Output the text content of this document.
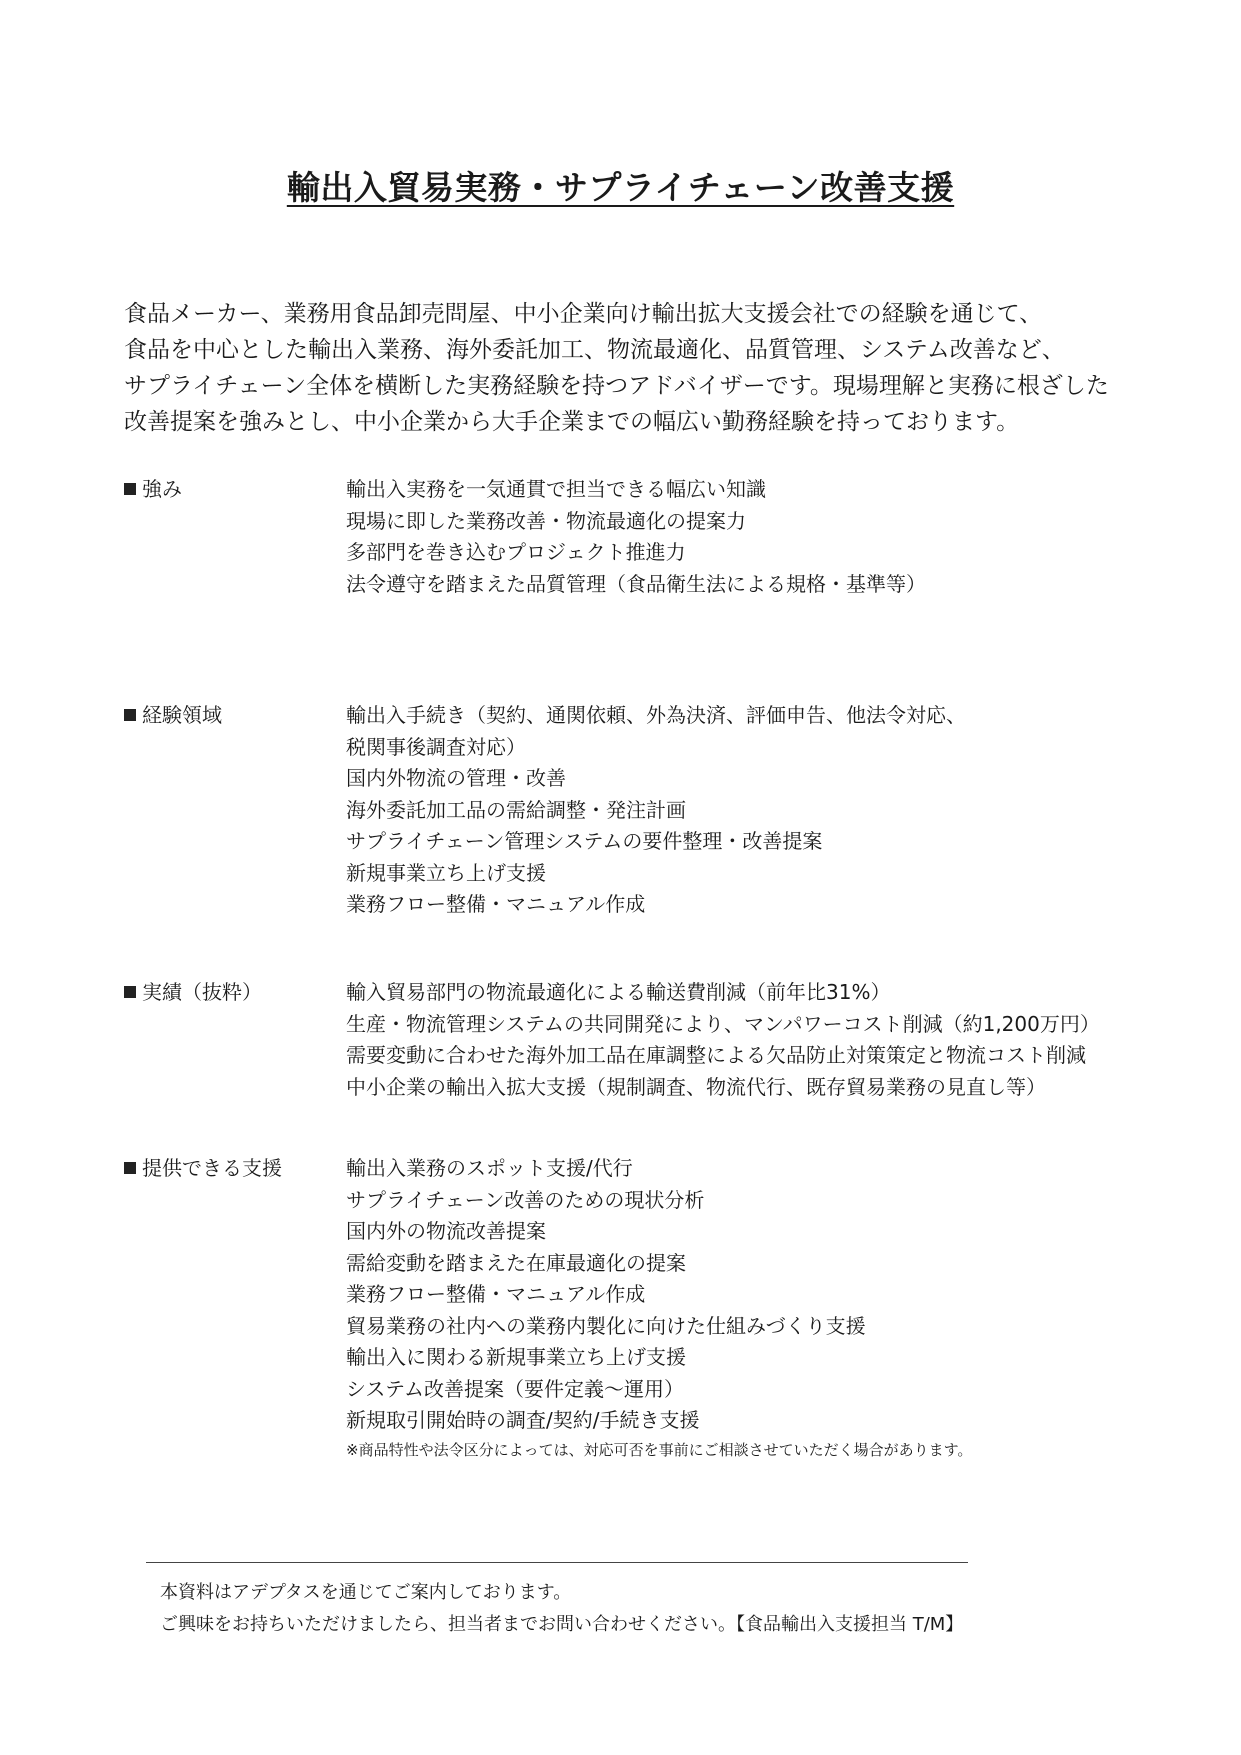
輸出入貿易実務・サプライチェーン改善支援

食品メーカー、業務用食品卸売問屋、中小企業向け輸出拡大支援会社での経験を通じて、

食品を中心とした輸出入業務、海外委託加工、物流最適化、品質管理、システム改善など、

サプライチェーン全体を横断した実務経験を持つアドバイザーです。現場理解と実務に根ざした

改善提案を強みとし、中小企業から大手企業までの幅広い勤務経験を持っております。

強み	輸出入実務を一気通貫で担当できる幅広い知識
現場に即した業務改善・物流最適化の提案力
多部門を巻き込むプロジェクト推進力
法令遵守を踏まえた品質管理（食品衛生法による規格・基準等）
経験領域	輸出入手続き（契約、通関依頼、外為決済、評価申告、他法令対応、
税関事後調査対応）
国内外物流の管理・改善
海外委託加工品の需給調整・発注計画
サプライチェーン管理システムの要件整理・改善提案
新規事業立ち上げ支援
業務フロー整備・マニュアル作成
実績（抜粋）	輸入貿易部門の物流最適化による輸送費削減（前年比31%）
生産・物流管理システムの共同開発により、マンパワーコスト削減（約1,200万円）
需要変動に合わせた海外加工品在庫調整による欠品防止対策策定と物流コスト削減
中小企業の輸出入拡大支援（規制調査、物流代行、既存貿易業務の見直し等）
提供できる支援	輸出入業務のスポット支援/代行
サプライチェーン改善のための現状分析
国内外の物流改善提案
需給変動を踏まえた在庫最適化の提案
業務フロー整備・マニュアル作成
貿易業務の社内への業務内製化に向けた仕組みづくり支援
輸出入に関わる新規事業立ち上げ支援
システム改善提案（要件定義～運用）
新規取引開始時の調査/契約/手続き支援
※商品特性や法令区分によっては、対応可否を事前にご相談させていただく場合があります。

本資料はアデプタスを通じてご案内しております。

ご興味をお持ちいただけましたら、担当者までお問い合わせください。【食品輸出入支援担当 T/M】
